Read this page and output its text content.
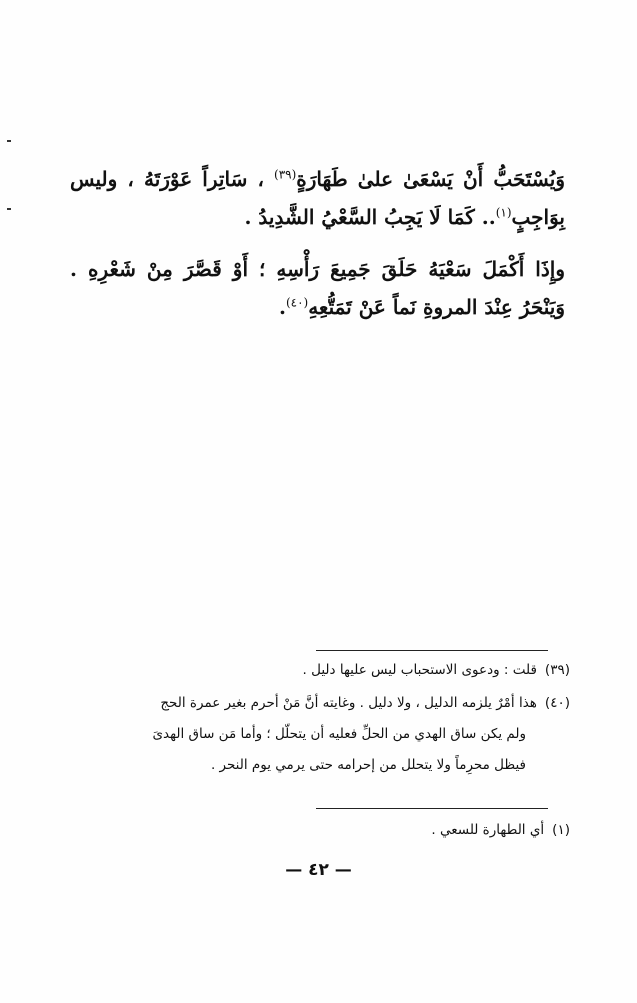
وَيُسْتَحَبُّ أَنْ يَسْعَىٰ علىٰ طَهَارَةٍ$^{(٣٩)}$ ، سَاتِراً عَوْرَتَهُ ، وليس بِوَاجِبٍ$^{(١)}$.. كَمَا لَا يَجِبُ السَّعْيُ الشَّدِيدُ .

وإِذَا أَكْمَلَ سَعْيَهُ حَلَقَ جَمِيعَ رَأْسِهِ ؛ أَوْ قَصَّرَ مِنْ شَعْرِهِ . وَيَنْحَرُ عِنْدَ المروةِ نَماً عَنْ تَمَتُّعِهِ$^{(٤٠)}$.

(٣٩)قلت : ودعوى الاستحباب ليس عليها دليل .
(٤٠)هذا أمْرٌ يلزمه الدليل ، ولا دليل . وغايته أنَّ مَنْ أحرم بغير عمرة الحج
ولم يكن ساق الهدي من الحلِّ فعليه أن يتحلّل ؛ وأما مَن ساق الهدىَ
فيظل محرِماً ولا يتحلل من إحرامه حتى يرمي يوم النحر .
(١)أي الطهارة للسعي .
— ٤٢ —
